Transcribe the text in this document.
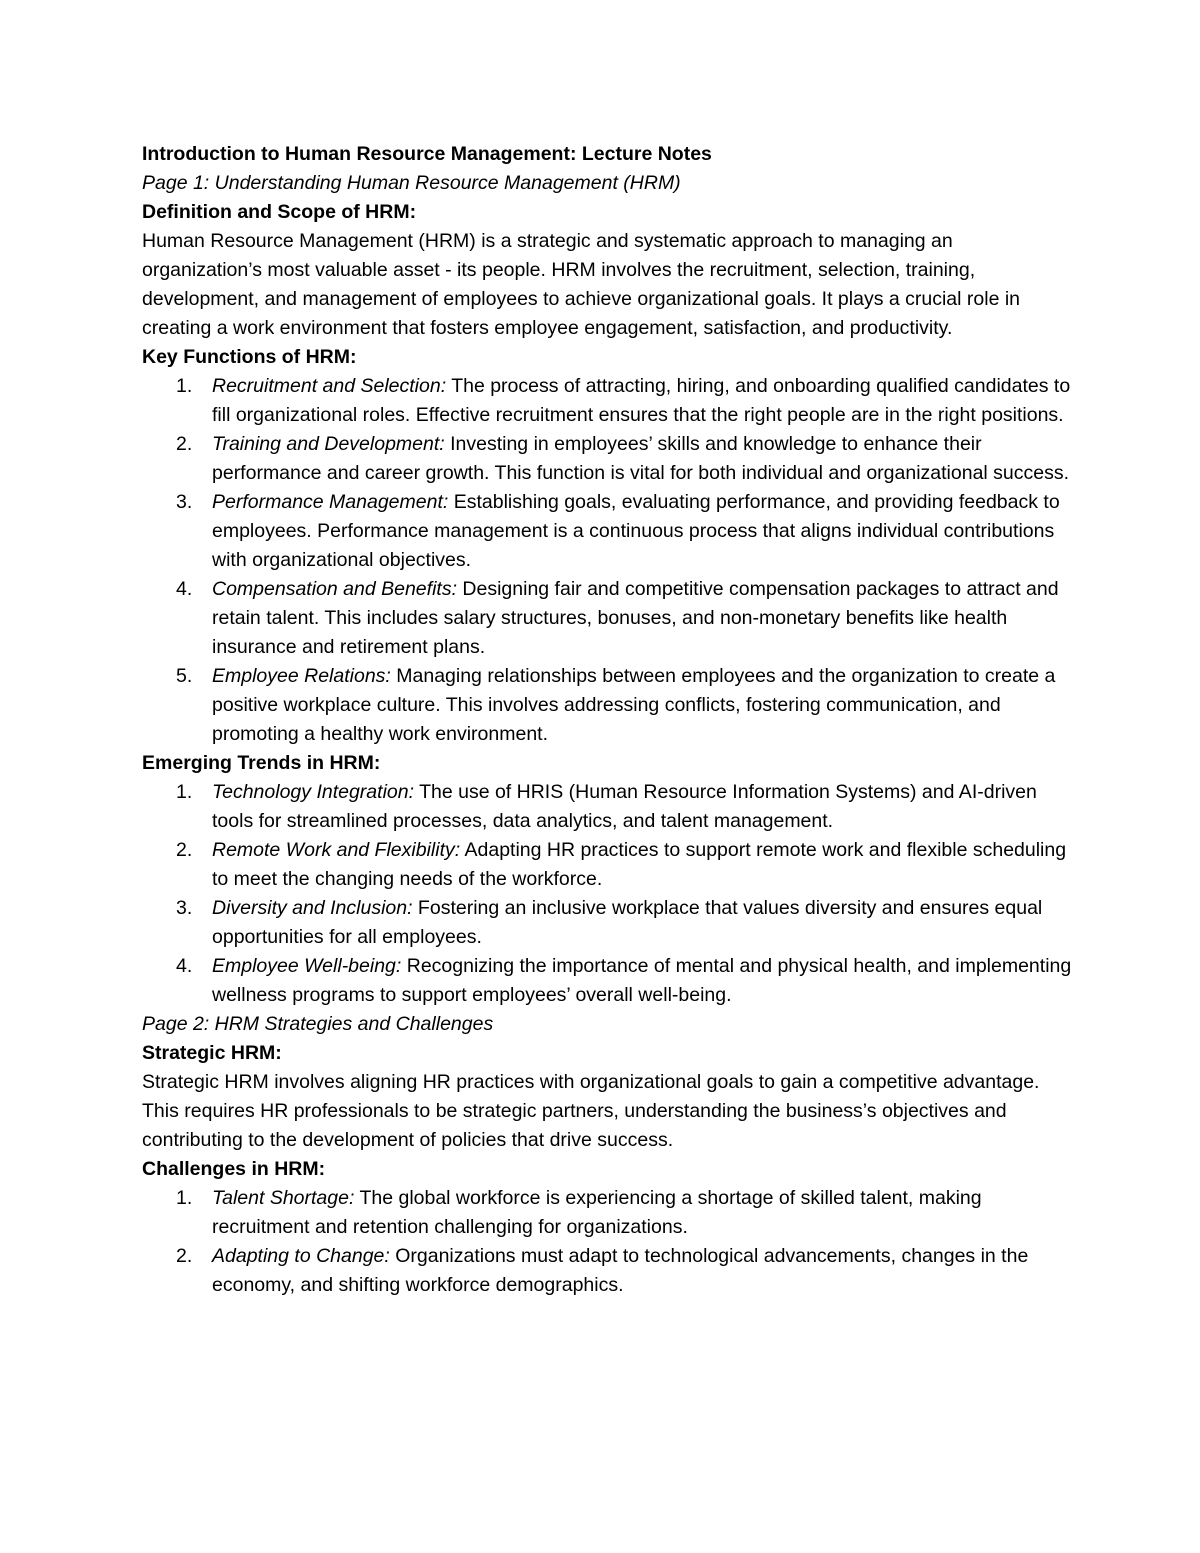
Introduction to Human Resource Management: Lecture Notes

Page 1: Understanding Human Resource Management (HRM)

Definition and Scope of HRM:

Human Resource Management (HRM) is a strategic and systematic approach to managing an organization’s most valuable asset - its people. HRM involves the recruitment, selection, training, development, and management of employees to achieve organizational goals. It plays a crucial role in creating a work environment that fosters employee engagement, satisfaction, and productivity.

Key Functions of HRM:

1. Recruitment and Selection: The process of attracting, hiring, and onboarding qualified candidates to fill organizational roles. Effective recruitment ensures that the right people are in the right positions.
2. Training and Development: Investing in employees’ skills and knowledge to enhance their performance and career growth. This function is vital for both individual and organizational success.
3. Performance Management: Establishing goals, evaluating performance, and providing feedback to employees. Performance management is a continuous process that aligns individual contributions with organizational objectives.
4. Compensation and Benefits: Designing fair and competitive compensation packages to attract and retain talent. This includes salary structures, bonuses, and non-monetary benefits like health insurance and retirement plans.
5. Employee Relations: Managing relationships between employees and the organization to create a positive workplace culture. This involves addressing conflicts, fostering communication, and promoting a healthy work environment.

Emerging Trends in HRM:

1. Technology Integration: The use of HRIS (Human Resource Information Systems) and AI-driven tools for streamlined processes, data analytics, and talent management.
2. Remote Work and Flexibility: Adapting HR practices to support remote work and flexible scheduling to meet the changing needs of the workforce.
3. Diversity and Inclusion: Fostering an inclusive workplace that values diversity and ensures equal opportunities for all employees.
4. Employee Well-being: Recognizing the importance of mental and physical health, and implementing wellness programs to support employees’ overall well-being.

Page 2: HRM Strategies and Challenges

Strategic HRM:

Strategic HRM involves aligning HR practices with organizational goals to gain a competitive advantage. This requires HR professionals to be strategic partners, understanding the business’s objectives and contributing to the development of policies that drive success.

Challenges in HRM:

1. Talent Shortage: The global workforce is experiencing a shortage of skilled talent, making recruitment and retention challenging for organizations.
2. Adapting to Change: Organizations must adapt to technological advancements, changes in the economy, and shifting workforce demographics.
